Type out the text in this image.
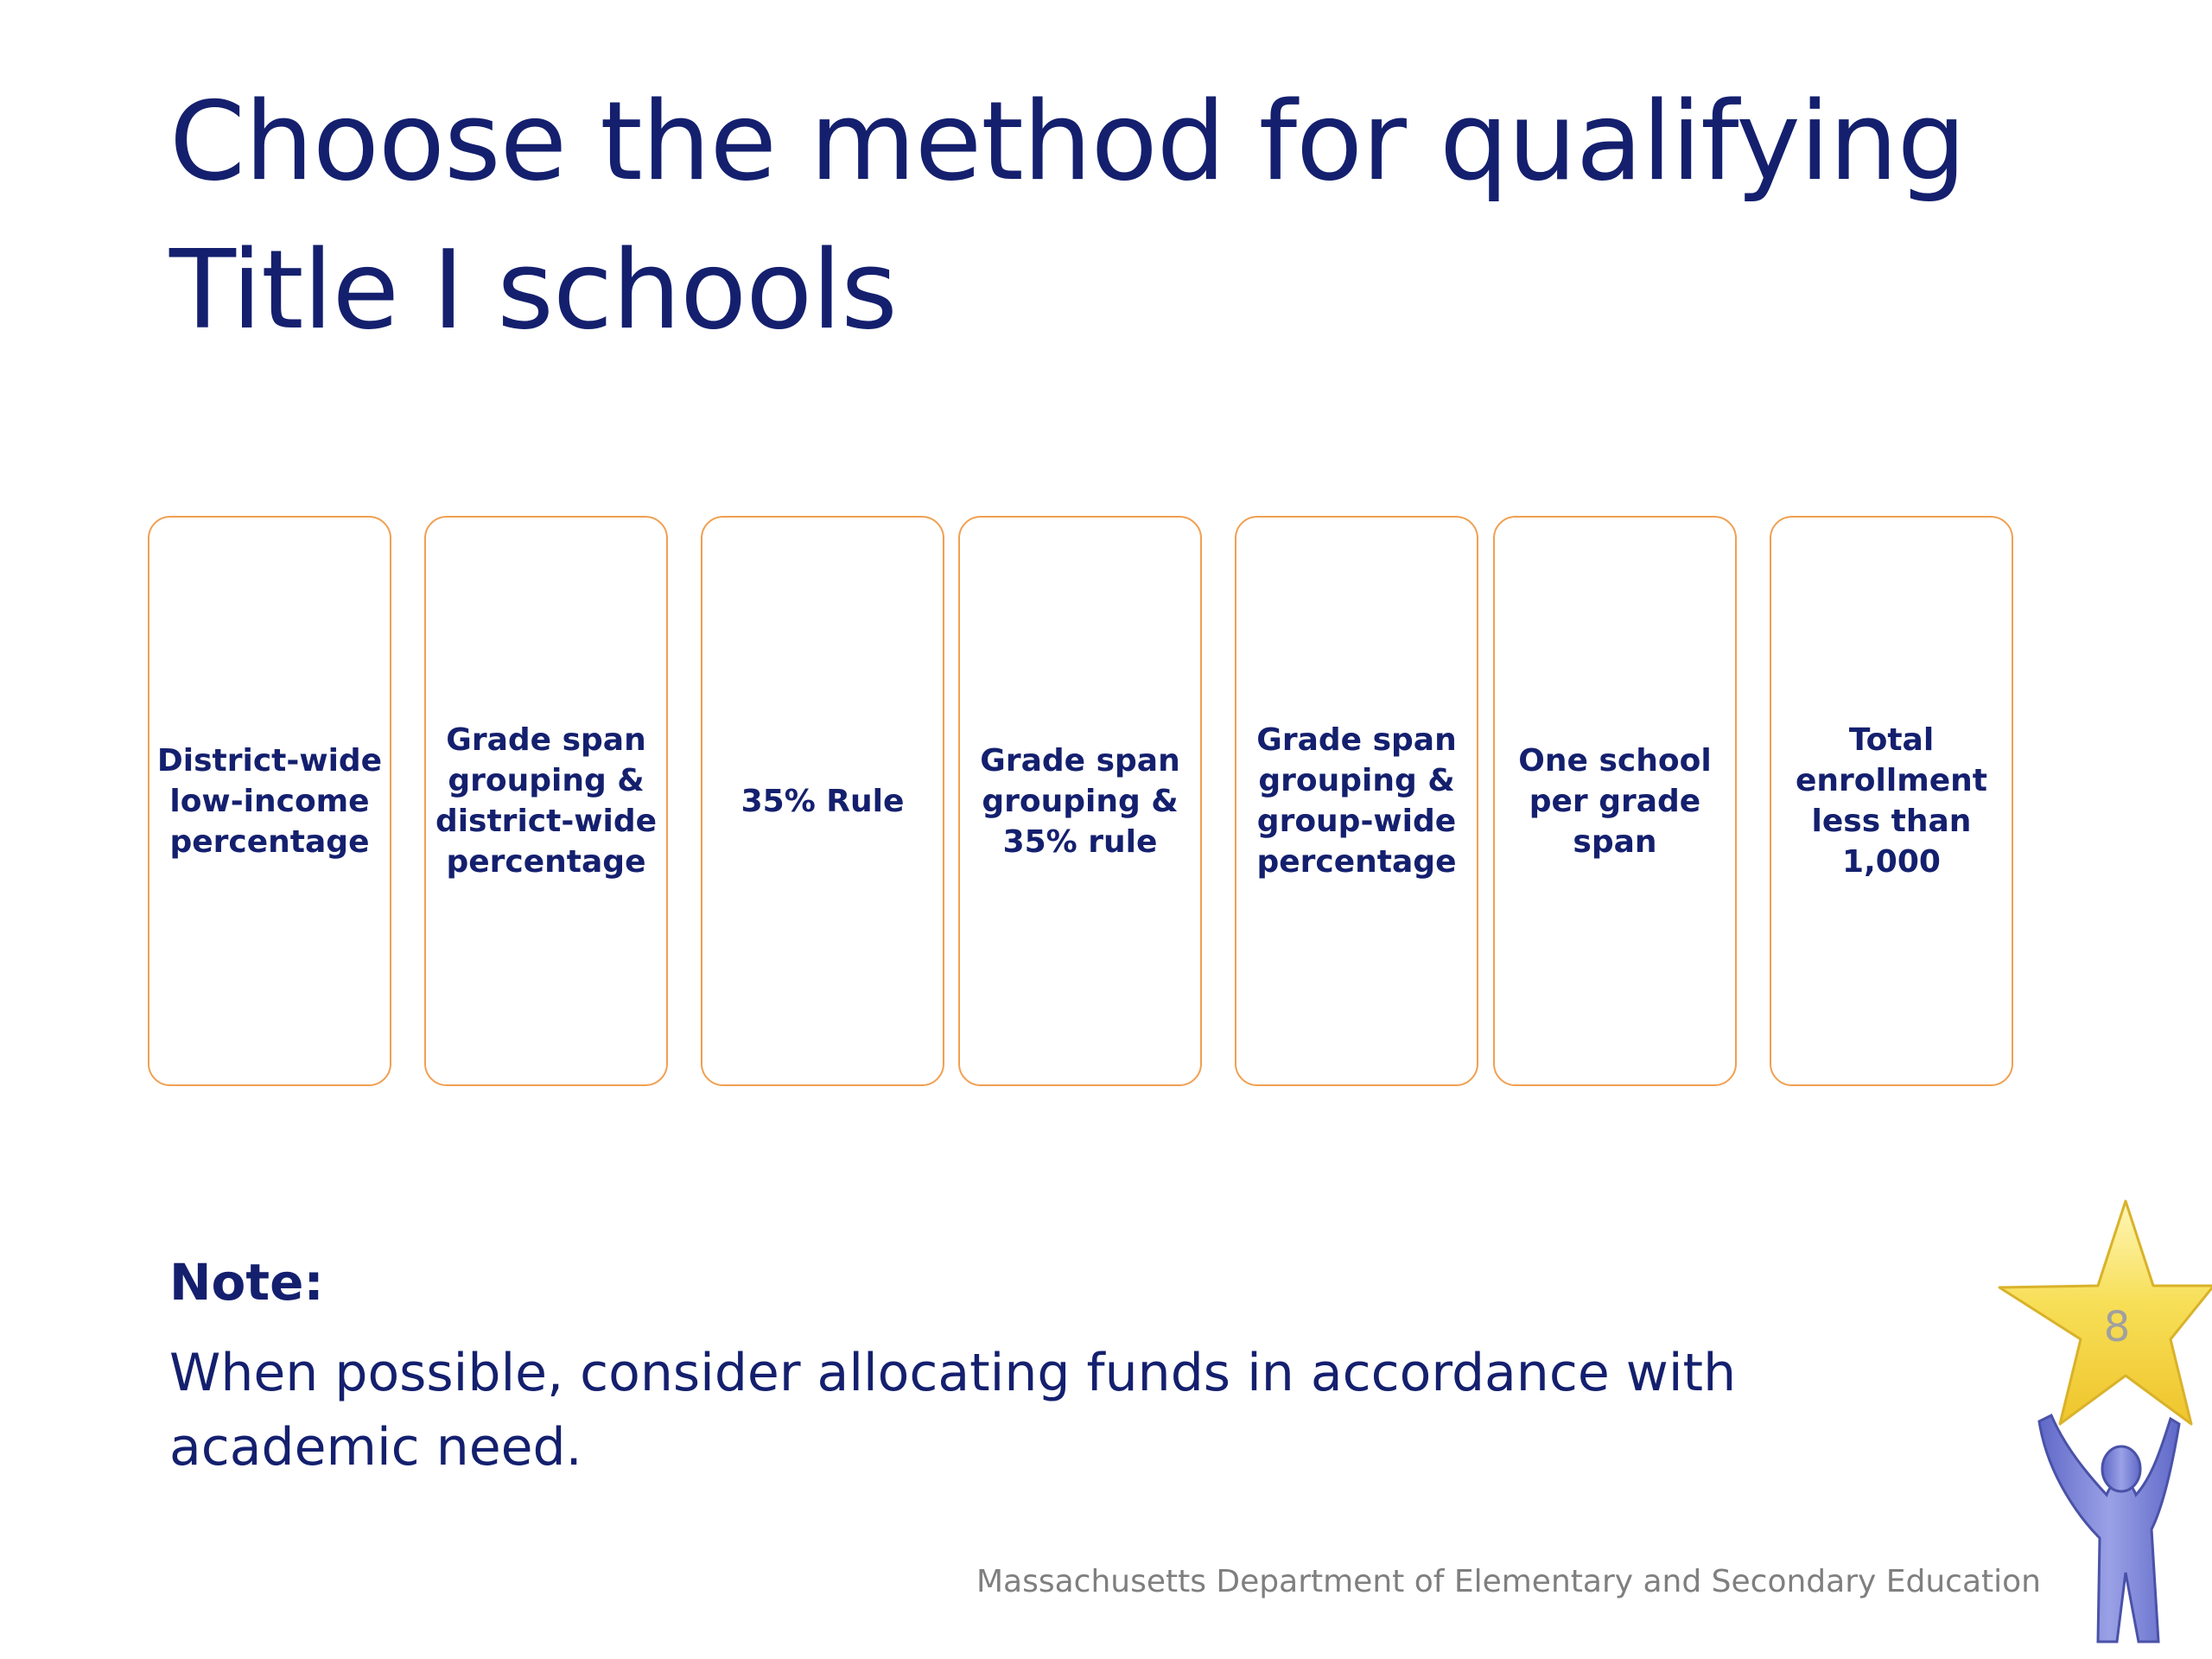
Choose the method for qualifying
Title I schools
District-wide
low-income
percentage
Grade span
grouping &
district-wide
percentage
35% Rule
Grade span
grouping &
35% rule
Grade span
grouping &
group-wide
percentage
One school
per grade
span
Total
enrollment
less than
1,000

Note:

When possible, consider allocating funds in accordance with academic need.

Massachusetts Department of Elementary and Secondary Education
8
